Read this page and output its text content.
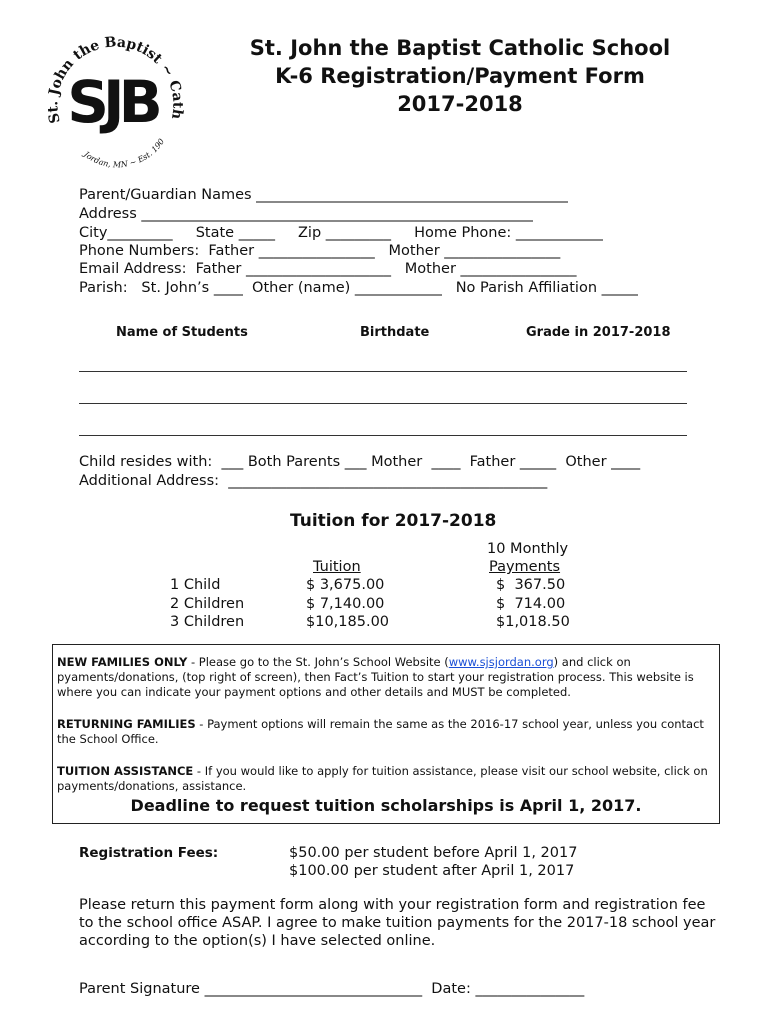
St. John the Baptist ~ Cath
Jordan, MN ~ Est. 190
SJB
St. John the Baptist Catholic School
K-6 Registration/Payment Form
2017-2018
Parent/Guardian Names ___________________________________________
Address ______________________________________________________
City_________     State _____     Zip _________     Home Phone: ____________
Phone Numbers:  Father ________________   Mother ________________
Email Address:  Father ____________________   Mother ________________
Parish:   St. John’s ____  Other (name) ____________   No Parish Affiliation _____
Name of Students	Birthdate	Grade in 2017-2018
Child resides with:  ___ Both Parents ___ Mother  ____  Father _____  Other ____
Additional Address:  ____________________________________________
Tuition for 2017-2018
10 Monthly
Tuition	Payments
1 Child	$ 3,675.00	$  367.50
2 Children	$ 7,140.00	$  714.00
3 Children	$10,185.00	$1,018.50
NEW FAMILIES ONLY - Please go to the St. John’s School Website (www.sjsjordan.org) and click on pyaments/donations, (top right of screen), then Fact’s Tuition to start your registration process. This website is where you can indicate your payment options and other details and MUST be completed.
RETURNING FAMILIES - Payment options will remain the same as the 2016-17 school year, unless you contact the School Office.
TUITION ASSISTANCE - If you would like to apply for tuition assistance, please visit our school website, click on payments/donations, assistance.
Deadline to request tuition scholarships is April 1, 2017.
Registration Fees:	$50.00 per student before April 1, 2017
$100.00 per student after April 1, 2017
Please return this payment form along with your registration form and registration fee to the school office ASAP. I agree to make tuition payments for the 2017-18 school year according to the option(s) I have selected online.
Parent Signature ______________________________  Date: _______________
